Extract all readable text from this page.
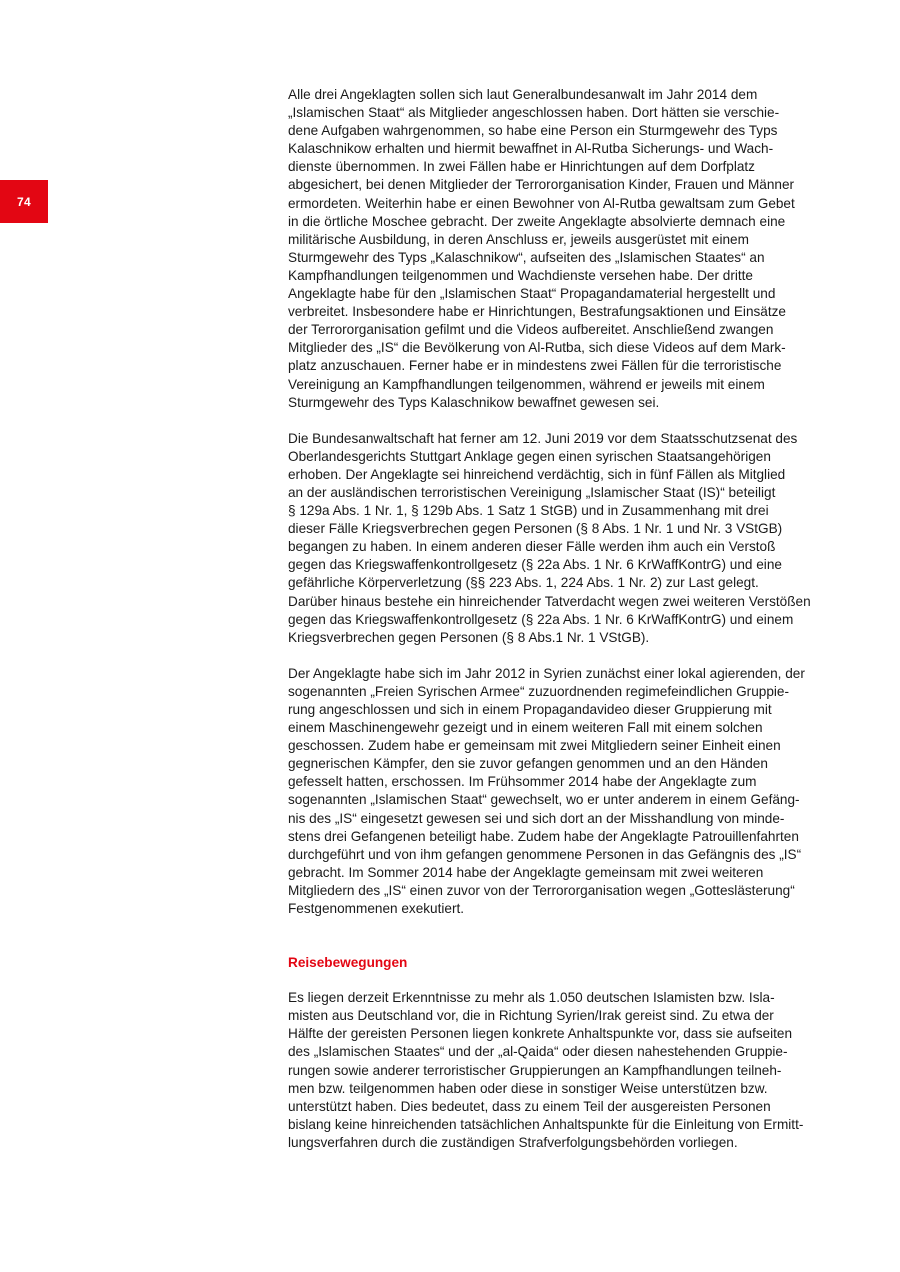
74

Alle drei Angeklagten sollen sich laut Generalbundesanwalt im Jahr 2014 dem
„Islamischen Staat“ als Mitglieder angeschlossen haben. Dort hätten sie verschie-
dene Aufgaben wahrgenommen, so habe eine Person ein Sturmgewehr des Typs
Kalaschnikow erhalten und hiermit bewaffnet in Al-Rutba Sicherungs- und Wach-
dienste übernommen. In zwei Fällen habe er Hinrichtungen auf dem Dorfplatz
abgesichert, bei denen Mitglieder der Terrororganisation Kinder, Frauen und Männer
ermordeten. Weiterhin habe er einen Bewohner von Al-Rutba gewaltsam zum Gebet
in die örtliche Moschee gebracht. Der zweite Angeklagte absolvierte demnach eine
militärische Ausbildung, in deren Anschluss er, jeweils ausgerüstet mit einem
Sturmgewehr des Typs „Kalaschnikow“, aufseiten des „Islamischen Staates“ an
Kampfhandlungen teilgenommen und Wachdienste versehen habe. Der dritte
Angeklagte habe für den „Islamischen Staat“ Propagandamaterial hergestellt und
verbreitet. Insbesondere habe er Hinrichtungen, Bestrafungsaktionen und Einsätze
der Terrororganisation gefilmt und die Videos aufbereitet. Anschließend zwangen
Mitglieder des „IS“ die Bevölkerung von Al-Rutba, sich diese Videos auf dem Mark-
platz anzuschauen. Ferner habe er in mindestens zwei Fällen für die terroristische
Vereinigung an Kampfhandlungen teilgenommen, während er jeweils mit einem
Sturmgewehr des Typs Kalaschnikow bewaffnet gewesen sei.

Die Bundesanwaltschaft hat ferner am 12. Juni 2019 vor dem Staatsschutzsenat des
Oberlandesgerichts Stuttgart Anklage gegen einen syrischen Staatsangehörigen
erhoben. Der Angeklagte sei hinreichend verdächtig, sich in fünf Fällen als Mitglied
an der ausländischen terroristischen Vereinigung „Islamischer Staat (IS)“ beteiligt
§ 129a Abs. 1 Nr. 1, § 129b Abs. 1 Satz 1 StGB) und in Zusammenhang mit drei
dieser Fälle Kriegsverbrechen gegen Personen (§ 8 Abs. 1 Nr. 1 und Nr. 3 VStGB)
begangen zu haben. In einem anderen dieser Fälle werden ihm auch ein Verstoß
gegen das Kriegswaffenkontrollgesetz (§ 22a Abs. 1 Nr. 6 KrWaffKontrG) und eine
gefährliche Körperverletzung (§§ 223 Abs. 1, 224 Abs. 1 Nr. 2) zur Last gelegt.
Darüber hinaus bestehe ein hinreichender Tatverdacht wegen zwei weiteren Verstößen
gegen das Kriegswaffenkontrollgesetz (§ 22a Abs. 1 Nr. 6 KrWaffKontrG) und einem
Kriegsverbrechen gegen Personen (§ 8 Abs.1 Nr. 1 VStGB).

Der Angeklagte habe sich im Jahr 2012 in Syrien zunächst einer lokal agierenden, der
sogenannten „Freien Syrischen Armee“ zuzuordnenden regimefeindlichen Gruppie-
rung angeschlossen und sich in einem Propagandavideo dieser Gruppierung mit
einem Maschinengewehr gezeigt und in einem weiteren Fall mit einem solchen
geschossen. Zudem habe er gemeinsam mit zwei Mitgliedern seiner Einheit einen
gegnerischen Kämpfer, den sie zuvor gefangen genommen und an den Händen
gefesselt hatten, erschossen. Im Frühsommer 2014 habe der Angeklagte zum
sogenannten „Islamischen Staat“ gewechselt, wo er unter anderem in einem Gefäng-
nis des „IS“ eingesetzt gewesen sei und sich dort an der Misshandlung von minde-
stens drei Gefangenen beteiligt habe. Zudem habe der Angeklagte Patrouillenfahrten
durchgeführt und von ihm gefangen genommene Personen in das Gefängnis des „IS“
gebracht. Im Sommer 2014 habe der Angeklagte gemeinsam mit zwei weiteren
Mitgliedern des „IS“ einen zuvor von der Terrororganisation wegen „Gotteslästerung“
Festgenommenen exekutiert.

Reisebewegungen

Es liegen derzeit Erkenntnisse zu mehr als 1.050 deutschen Islamisten bzw. Isla-
misten aus Deutschland vor, die in Richtung Syrien/Irak gereist sind. Zu etwa der
Hälfte der gereisten Personen liegen konkrete Anhaltspunkte vor, dass sie aufseiten
des „Islamischen Staates“ und der „al-Qaida“ oder diesen nahestehenden Gruppie-
rungen sowie anderer terroristischer Gruppierungen an Kampfhandlungen teilneh-
men bzw. teilgenommen haben oder diese in sonstiger Weise unterstützen bzw.
unterstützt haben. Dies bedeutet, dass zu einem Teil der ausgereisten Personen
bislang keine hinreichenden tatsächlichen Anhaltspunkte für die Einleitung von Ermitt-
lungsverfahren durch die zuständigen Strafverfolgungsbehörden vorliegen.
